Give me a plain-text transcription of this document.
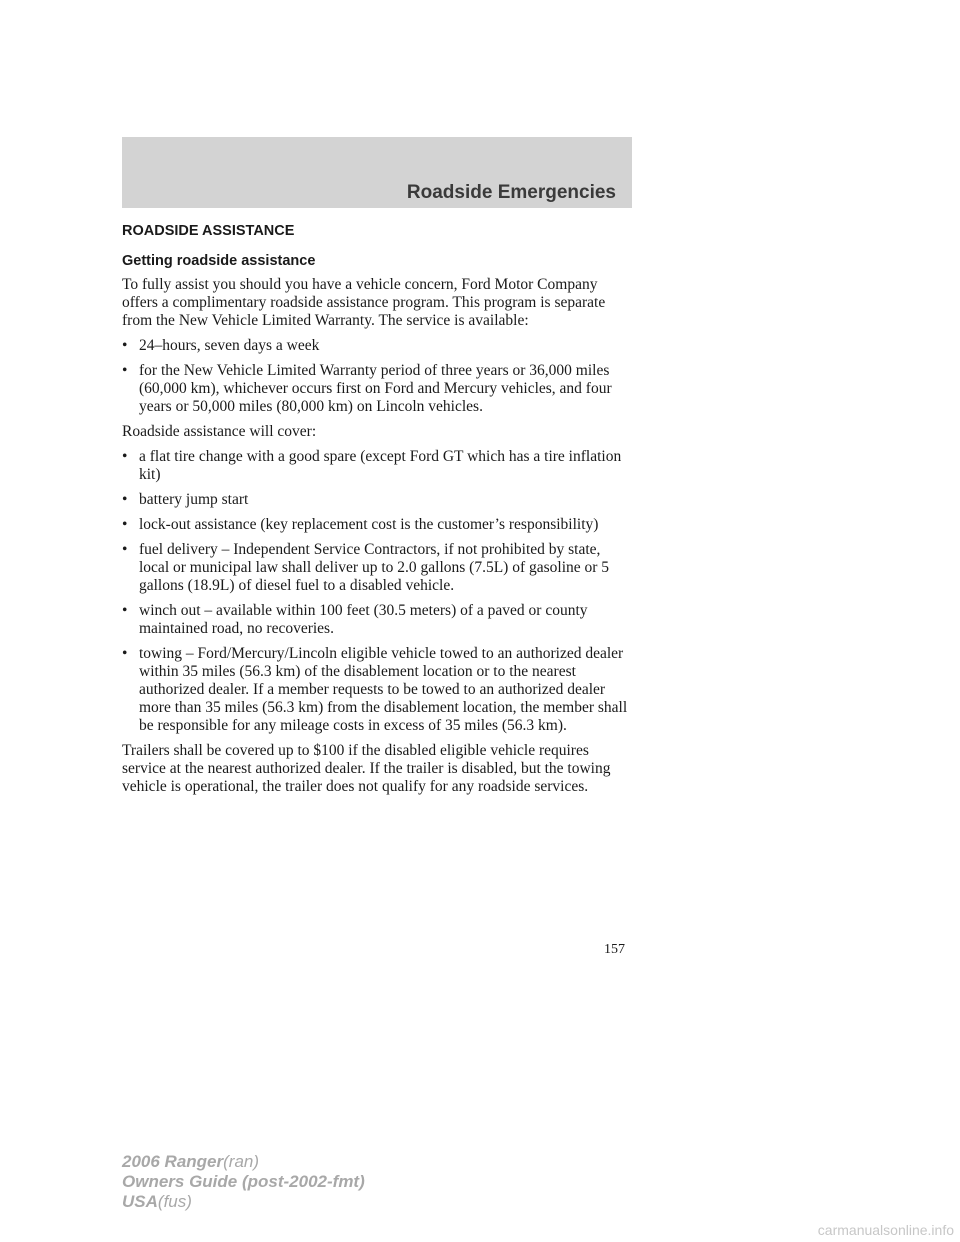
Roadside Emergencies
ROADSIDE ASSISTANCE
Getting roadside assistance

To fully assist you should you have a vehicle concern, Ford Motor Company offers a complimentary roadside assistance program. This program is separate from the New Vehicle Limited Warranty. The service is available:

• 24–hours, seven days a week
• for the New Vehicle Limited Warranty period of three years or 36,000 miles (60,000 km), whichever occurs first on Ford and Mercury vehicles, and four years or 50,000 miles (80,000 km) on Lincoln vehicles.

Roadside assistance will cover:

• a flat tire change with a good spare (except Ford GT which has a tire inflation kit)
• battery jump start
• lock-out assistance (key replacement cost is the customer’s responsibility)
• fuel delivery – Independent Service Contractors, if not prohibited by state, local or municipal law shall deliver up to 2.0 gallons (7.5L) of gasoline or 5 gallons (18.9L) of diesel fuel to a disabled vehicle.
• winch out – available within 100 feet (30.5 meters) of a paved or county maintained road, no recoveries.
• towing – Ford/Mercury/Lincoln eligible vehicle towed to an authorized dealer within 35 miles (56.3 km) of the disablement location or to the nearest authorized dealer. If a member requests to be towed to an authorized dealer more than 35 miles (56.3 km) from the disablement location, the member shall be responsible for any mileage costs in excess of 35 miles (56.3 km).

Trailers shall be covered up to $100 if the disabled eligible vehicle requires service at the nearest authorized dealer. If the trailer is disabled, but the towing vehicle is operational, the trailer does not qualify for any roadside services.

157
2006 Ranger(ran)
Owners Guide (post-2002-fmt)
USA(fus)
carmanualsonline.info
